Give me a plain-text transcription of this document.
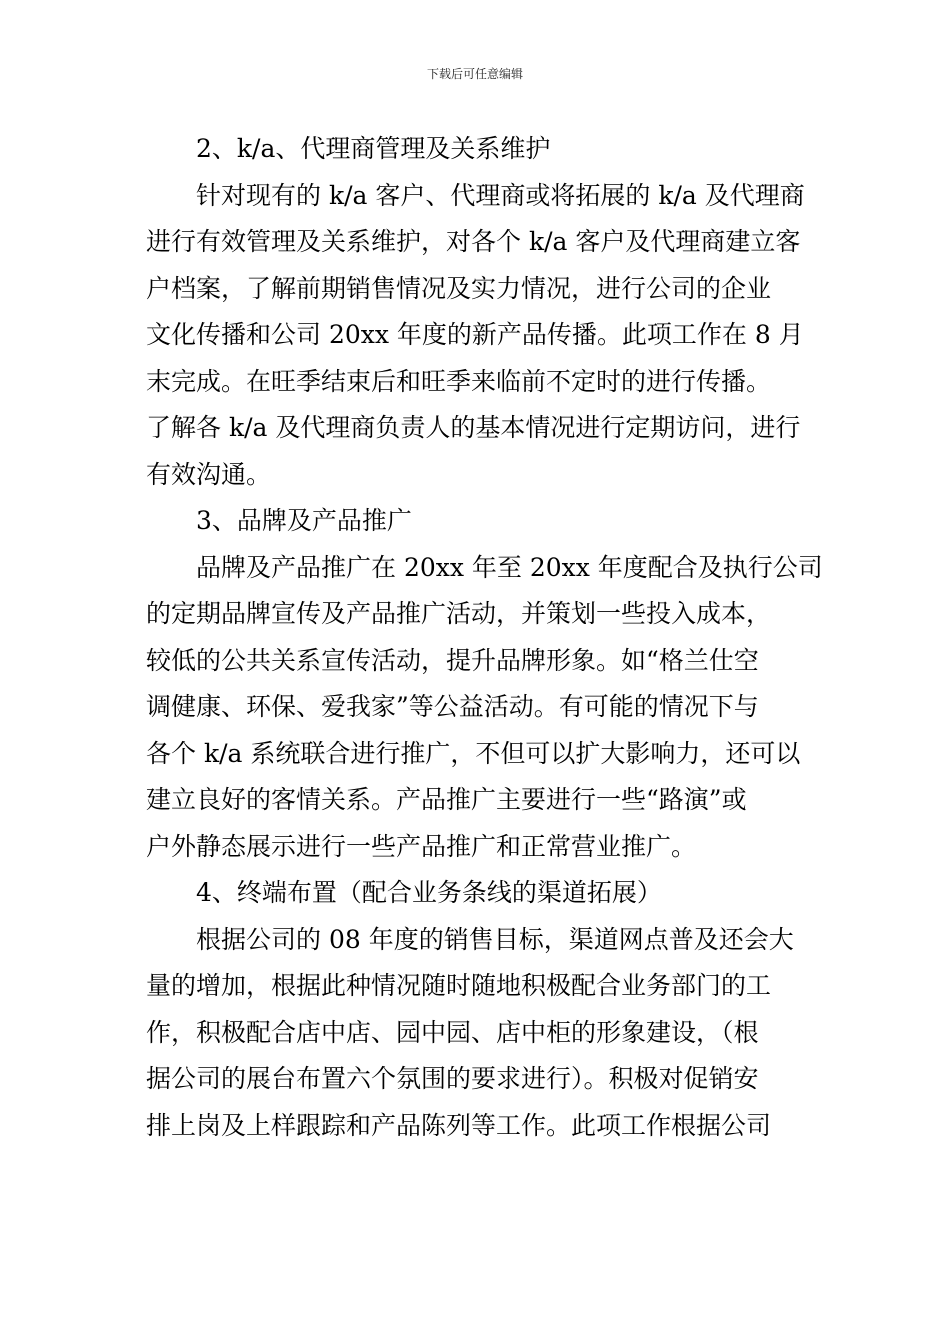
下载后可任意编辑
2、k/a、代理商管理及关系维护
针对现有的 k/a 客户、代理商或将拓展的 k/a 及代理商
进行有效管理及关系维护，对各个 k/a 客户及代理商建立客
户档案，了解前期销售情况及实力情况，进行公司的企业
文化传播和公司 20xx 年度的新产品传播。此项工作在 8 月
末完成。在旺季结束后和旺季来临前不定时的进行传播。
了解各 k/a 及代理商负责人的基本情况进行定期访问，进行
有效沟通。
3、品牌及产品推广
品牌及产品推广在 20xx 年至 20xx 年度配合及执行公司
的定期品牌宣传及产品推广活动，并策划一些投入成本，
较低的公共关系宣传活动，提升品牌形象。如“格兰仕空
调健康、环保、爱我家”等公益活动。有可能的情况下与
各个 k/a 系统联合进行推广，不但可以扩大影响力，还可以
建立良好的客情关系。产品推广主要进行一些“路演”或
户外静态展示进行一些产品推广和正常营业推广。
4、终端布置（配合业务条线的渠道拓展）
根据公司的 08 年度的销售目标，渠道网点普及还会大
量的增加，根据此种情况随时随地积极配合业务部门的工
作，积极配合店中店、园中园、店中柜的形象建设，（根
据公司的展台布置六个氛围的要求进行）。积极对促销安
排上岗及上样跟踪和产品陈列等工作。此项工作根据公司
